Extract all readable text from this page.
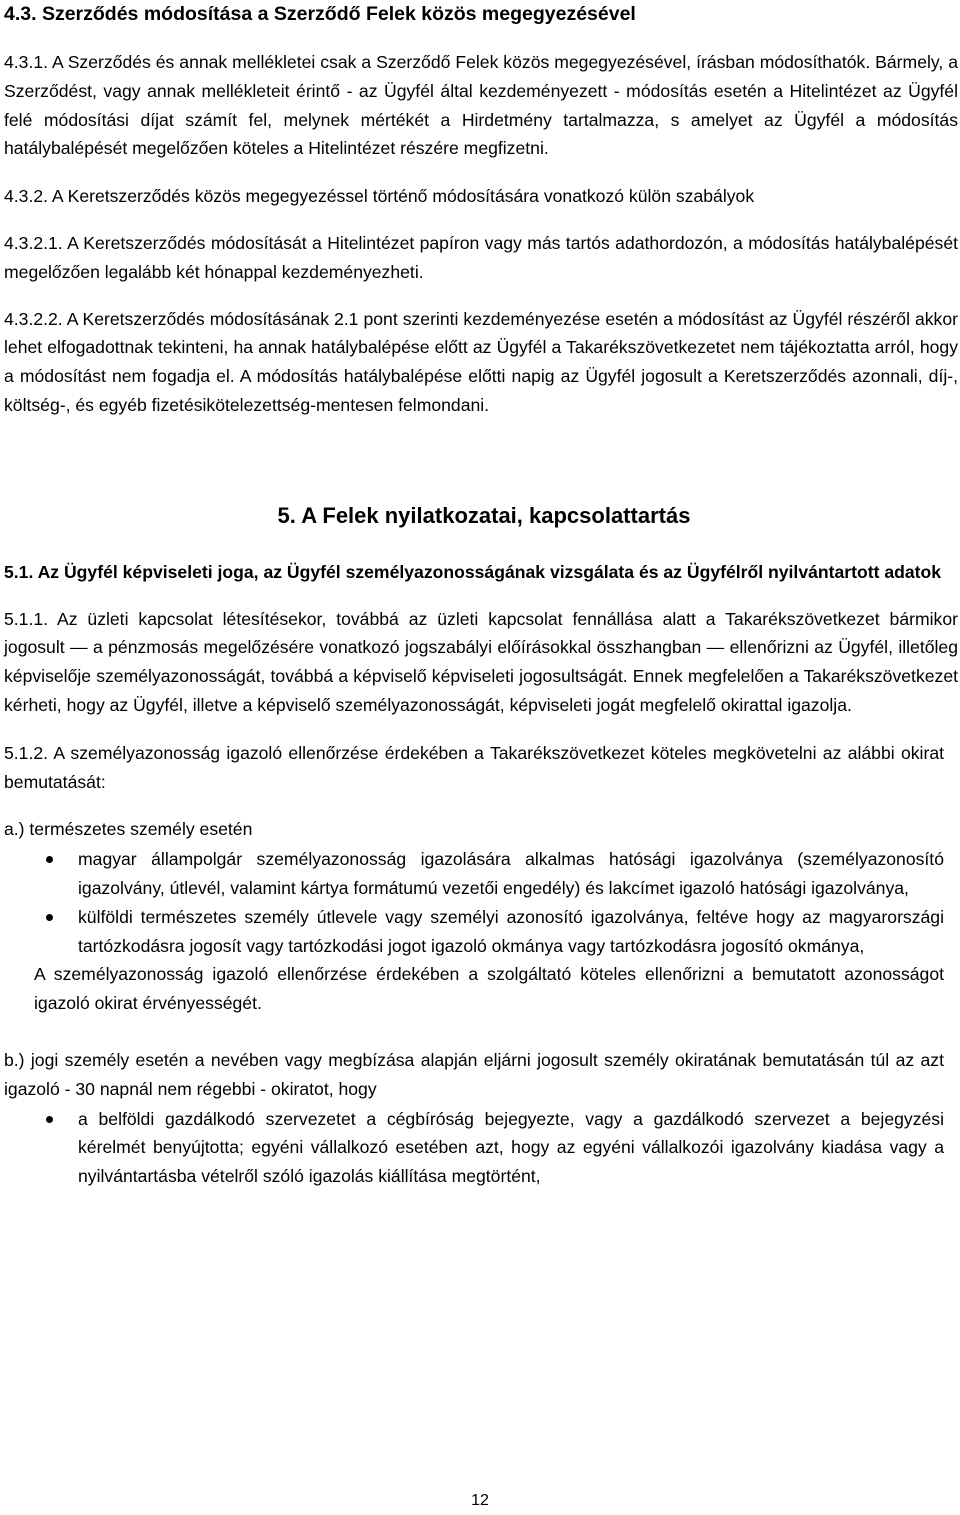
4.3. Szerződés módosítása a Szerződő Felek közös megegyezésével

4.3.1. A Szerződés és annak mellékletei csak a Szerződő Felek közös megegyezésével, írásban módosíthatók. Bármely, a Szerződést, vagy annak mellékleteit érintő - az Ügyfél által kezdeményezett - módosítás esetén a Hitelintézet az Ügyfél felé módosítási díjat számít fel, melynek mértékét a Hirdetmény tartalmazza, s amelyet az Ügyfél a módosítás hatálybalépését megelőzően köteles a Hitelintézet részére megfizetni.

4.3.2. A Keretszerződés közös megegyezéssel történő módosítására vonatkozó külön szabályok

4.3.2.1. A Keretszerződés módosítását a Hitelintézet papíron vagy más tartós adathordozón, a módosítás hatálybalépését megelőzően legalább két hónappal kezdeményezheti.

4.3.2.2. A Keretszerződés módosításának 2.1 pont szerinti kezdeményezése esetén a módosítást az Ügyfél részéről akkor lehet elfogadottnak tekinteni, ha annak hatálybalépése előtt az Ügyfél a Takarékszövetkezetet nem tájékoztatta arról, hogy a módosítást nem fogadja el. A módosítás hatálybalépése előtti napig az Ügyfél jogosult a Keretszerződés azonnali, díj-, költség-, és egyéb fizetésikötelezettség-mentesen felmondani.

5. A Felek nyilatkozatai, kapcsolattartás

5.1. Az Ügyfél képviseleti joga, az Ügyfél személyazonosságának vizsgálata és az Ügyfélről nyilvántartott adatok

5.1.1. Az üzleti kapcsolat létesítésekor, továbbá az üzleti kapcsolat fennállása alatt a Takarékszövetkezet bármikor jogosult — a pénzmosás megelőzésére vonatkozó jogszabályi előírásokkal összhangban — ellenőrizni az Ügyfél, illetőleg képviselője személyazonosságát, továbbá a képviselő képviseleti jogosultságát. Ennek megfelelően a Takarékszövetkezet kérheti, hogy az Ügyfél, illetve a képviselő személyazonosságát, képviseleti jogát megfelelő okirattal igazolja.

5.1.2. A személyazonosság igazoló ellenőrzése érdekében a Takarékszövetkezet köteles megkövetelni az alábbi okirat bemutatását:

a.) természetes személy esetén

magyar állampolgár személyazonosság igazolására alkalmas hatósági igazolványa (személyazonosító igazolvány, útlevél, valamint kártya formátumú vezetői engedély) és lakcímet igazoló hatósági igazolványa,
külföldi természetes személy útlevele vagy személyi azonosító igazolványa, feltéve hogy az magyarországi tartózkodásra jogosít vagy tartózkodási jogot igazoló okmánya vagy tartózkodásra jogosító okmánya,

A személyazonosság igazoló ellenőrzése érdekében a szolgáltató köteles ellenőrizni a bemutatott azonosságot igazoló okirat érvényességét.

b.) jogi személy esetén a nevében vagy megbízása alapján eljárni jogosult személy okiratának bemutatásán túl az azt igazoló - 30 napnál nem régebbi - okiratot, hogy

a belföldi gazdálkodó szervezetet a cégbíróság bejegyezte, vagy a gazdálkodó szervezet a bejegyzési kérelmét benyújtotta; egyéni vállalkozó esetében azt, hogy az egyéni vállalkozói igazolvány kiadása vagy a nyilvántartásba vételről szóló igazolás kiállítása megtörtént,
12
